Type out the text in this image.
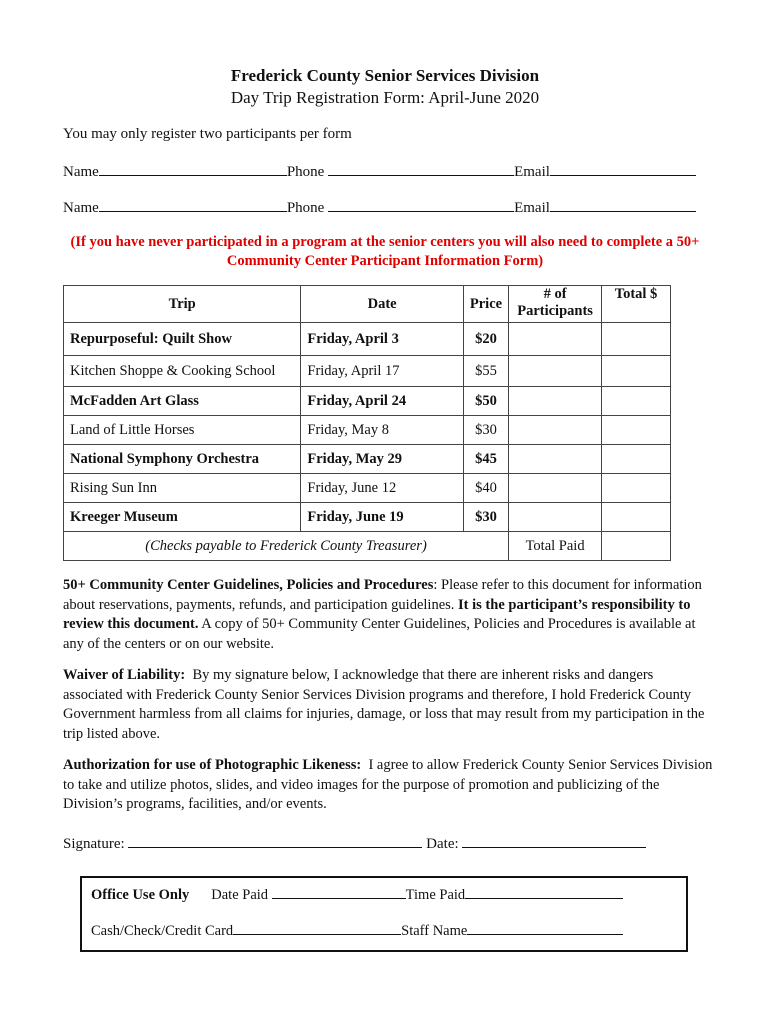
Frederick County Senior Services Division
Day Trip Registration Form: April-June 2020
You may only register two participants per form
Name	Phone	Email
Name	Phone	Email
(If you have never participated in a program at the senior centers you will also need to complete a 50+ Community Center Participant Information Form)
Trip	Date	Price	# of Participants	Total $
Repurposeful: Quilt Show	Friday, April 3	$20		
Kitchen Shoppe & Cooking School	Friday, April 17	$55		
McFadden Art Glass	Friday, April 24	$50		
Land of Little Horses	Friday, May 8	$30		
National Symphony Orchestra	Friday, May 29	$45		
Rising Sun Inn	Friday, June 12	$40		
Kreeger Museum	Friday, June 19	$30		
(Checks payable to Frederick County Treasurer)			Total Paid	
50+ Community Center Guidelines, Policies and Procedures: Please refer to this document for information about reservations, payments, refunds, and participation guidelines. It is the participant’s responsibility to review this document. A copy of 50+ Community Center Guidelines, Policies and Procedures is available at any of the centers or on our website.
Waiver of Liability:  By my signature below, I acknowledge that there are inherent risks and dangers associated with Frederick County Senior Services Division programs and therefore, I hold Frederick County Government harmless from all claims for injuries, damage, or loss that may result from my participation in the trip listed above.
Authorization for use of Photographic Likeness:  I agree to allow Frederick County Senior Services Division to take and utilize photos, slides, and video images for the purpose of promotion and publicizing of the Division’s programs, facilities, and/or events.
Signature:	Date:
Office Use Only Date Paid	Time Paid
Cash/Check/Credit Card	Staff Name
